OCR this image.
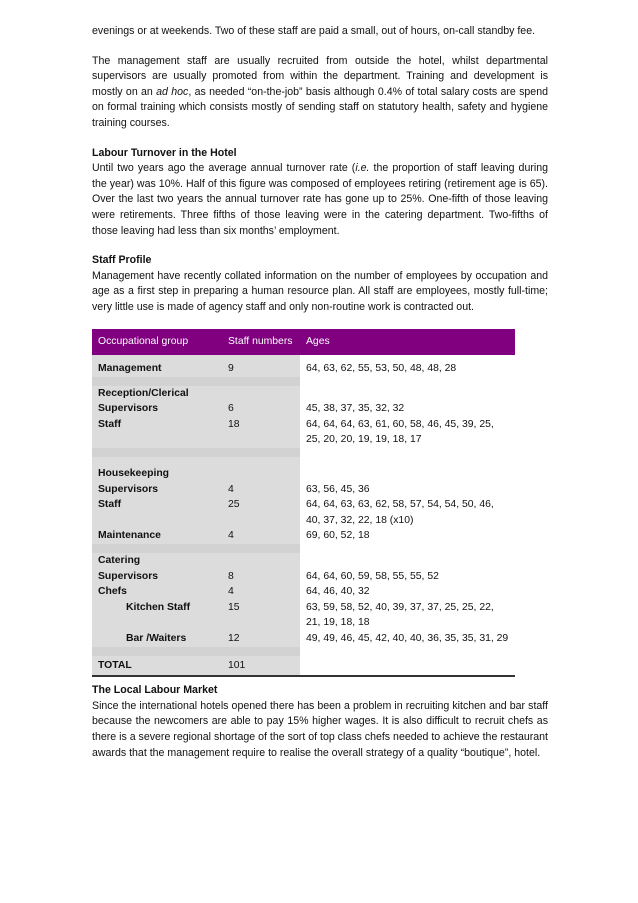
evenings or at weekends. Two of these staff are paid a small, out of hours, on-call standby fee.

The management staff are usually recruited from outside the hotel, whilst departmental supervisors are usually promoted from within the department. Training and development is mostly on an ad hoc, as needed “on-the-job” basis although 0.4% of total salary costs are spend on formal training which consists mostly of sending staff on statutory health, safety and hygiene training courses.

Labour Turnover in the Hotel

Until two years ago the average annual turnover rate (i.e. the proportion of staff leaving during the year) was 10%. Half of this figure was composed of employees retiring (retirement age is 65). Over the last two years the annual turnover rate has gone up to 25%. One-fifth of those leaving were retirements. Three fifths of those leaving were in the catering department. Two-fifths of those leaving had less than six months’ employment.

Staff Profile

Management have recently collated information on the number of employees by occupation and age as a first step in preparing a human resource plan. All staff are employees, mostly full-time; very little use is made of agency staff and only non-routine work is contracted out.

Occupational group	Staff numbers	Ages
Management	9	64, 63, 62, 55, 53, 50, 48, 48, 28

Reception/Clerical		
Supervisors	6	45, 38, 37, 35, 32, 32
Staff	18	64, 64, 64, 63, 61, 60, 58, 46, 45, 39, 25, 25, 20, 20, 19, 19, 18, 17

Housekeeping		
Supervisors	4	63, 56, 45, 36
Staff	25	64, 64, 63, 63, 62, 58, 57, 54, 54, 50, 46, 40, 37, 32, 22, 18 (x10)
Maintenance	4	69, 60, 52, 18

Catering		
Supervisors	8	64, 64, 60, 59, 58, 55, 55, 52
Chefs	4	64, 46, 40, 32
Kitchen Staff	15	63, 59, 58, 52, 40, 39, 37, 37, 25, 25, 22, 21, 19, 18, 18
Bar /Waiters	12	49, 49, 46, 45, 42, 40, 40, 36, 35, 35, 31, 29

TOTAL	101	
The Local Labour Market

Since the international hotels opened there has been a problem in recruiting kitchen and bar staff because the newcomers are able to pay 15% higher wages. It is also difficult to recruit chefs as there is a severe regional shortage of the sort of top class chefs needed to achieve the restaurant awards that the management require to realise the overall strategy of a quality “boutique”, hotel.
